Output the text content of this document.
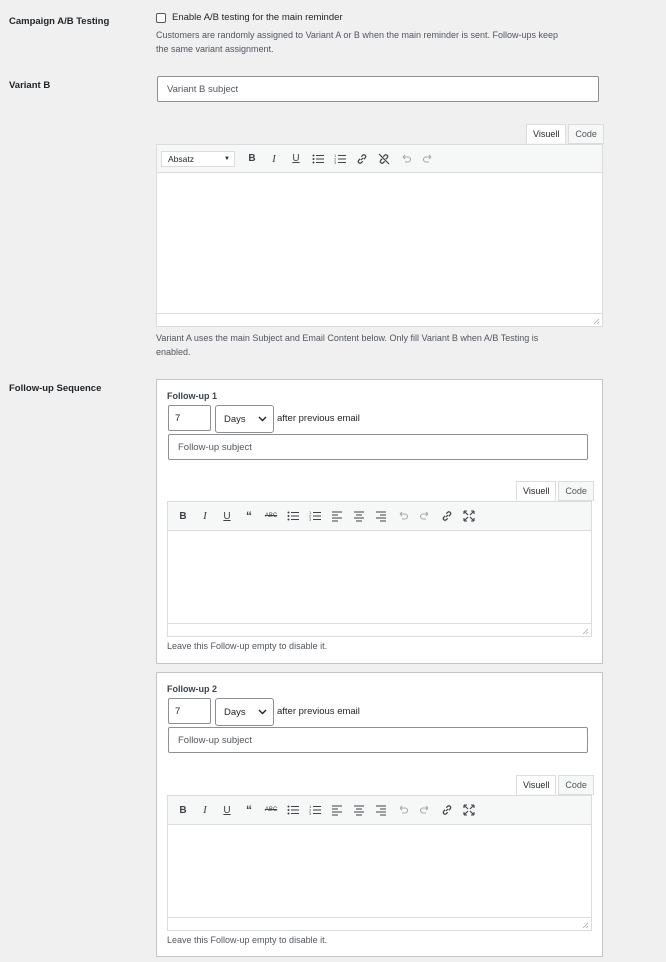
Campaign A/B Testing	Enable A/B testing for the main reminder
Customers are randomly assigned to Variant A or B when the main reminder is sent. Follow-ups keep
the same variant assignment.
Variant B	Variant B subject
Visuell	Code
Absatz	▼ B I U	1
2
3
Variant A uses the main Subject and Email Content below. Only fill Variant B when A/B Testing is
enabled.
Follow-up Sequence
Follow-up 1
7	Days	after previous email
Follow-up subject
Visuell	Code
B I U “ ABC	1
2
3
Leave this Follow-up empty to disable it.
Follow-up 2
7	Days	after previous email
Follow-up subject
Visuell	Code
B I U “ ABC	1
2
3
Leave this Follow-up empty to disable it.
